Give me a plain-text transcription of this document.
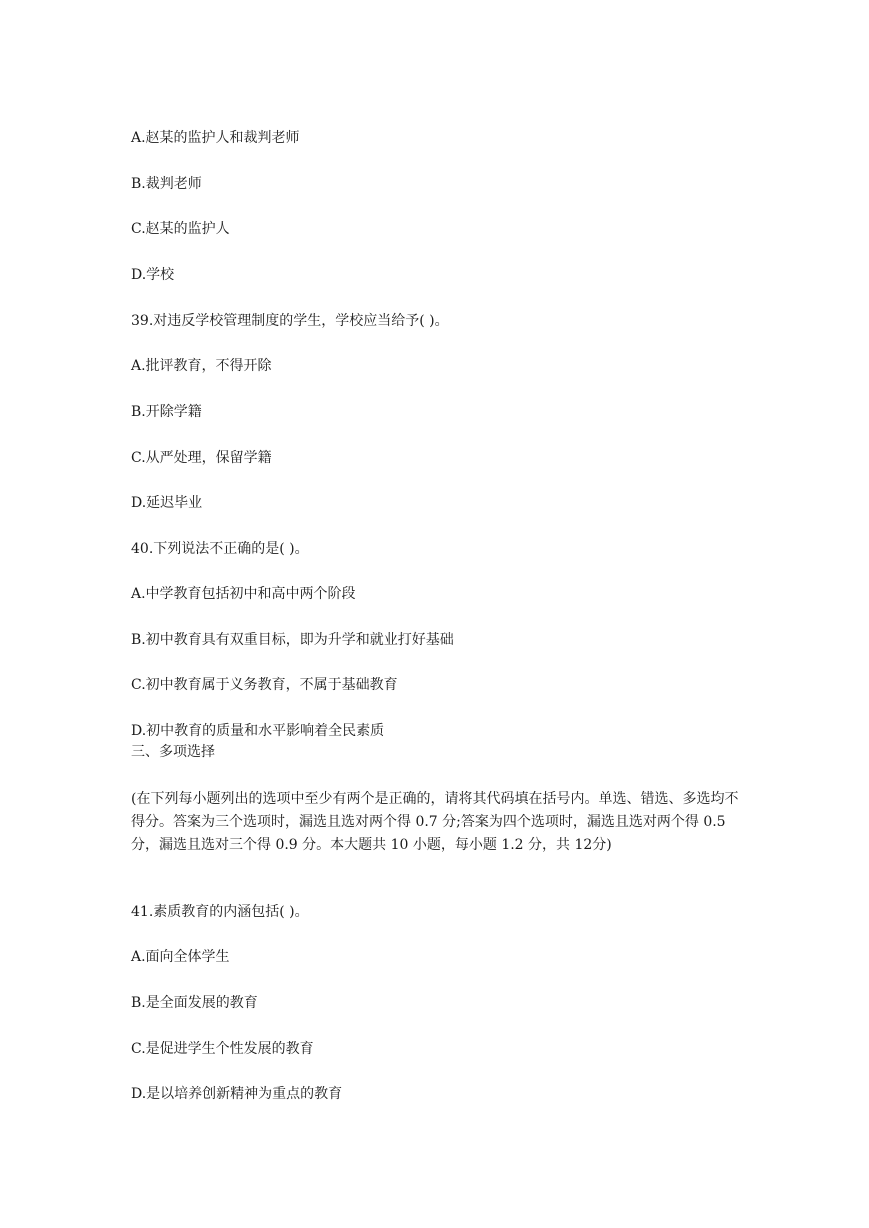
A.赵某的监护人和裁判老师
B.裁判老师
C.赵某的监护人
D.学校
39.对违反学校管理制度的学生，学校应当给予( )。
A.批评教育，不得开除
B.开除学籍
C.从严处理，保留学籍
D.延迟毕业
40.下列说法不正确的是( )。
A.中学教育包括初中和高中两个阶段
B.初中教育具有双重目标，即为升学和就业打好基础
C.初中教育属于义务教育，不属于基础教育
D.初中教育的质量和水平影响着全民素质
三、多项选择
(在下列每小题列出的选项中至少有两个是正确的，请将其代码填在括号内。单选、错选、多选均不得分。答案为三个选项时，漏选且选对两个得 0.7 分;答案为四个选项时，漏选且选对两个得 0.5 分，漏选且选对三个得 0.9 分。本大题共 10 小题，每小题 1.2 分，共 12分)
41.素质教育的内涵包括( )。
A.面向全体学生
B.是全面发展的教育
C.是促进学生个性发展的教育
D.是以培养创新精神为重点的教育
